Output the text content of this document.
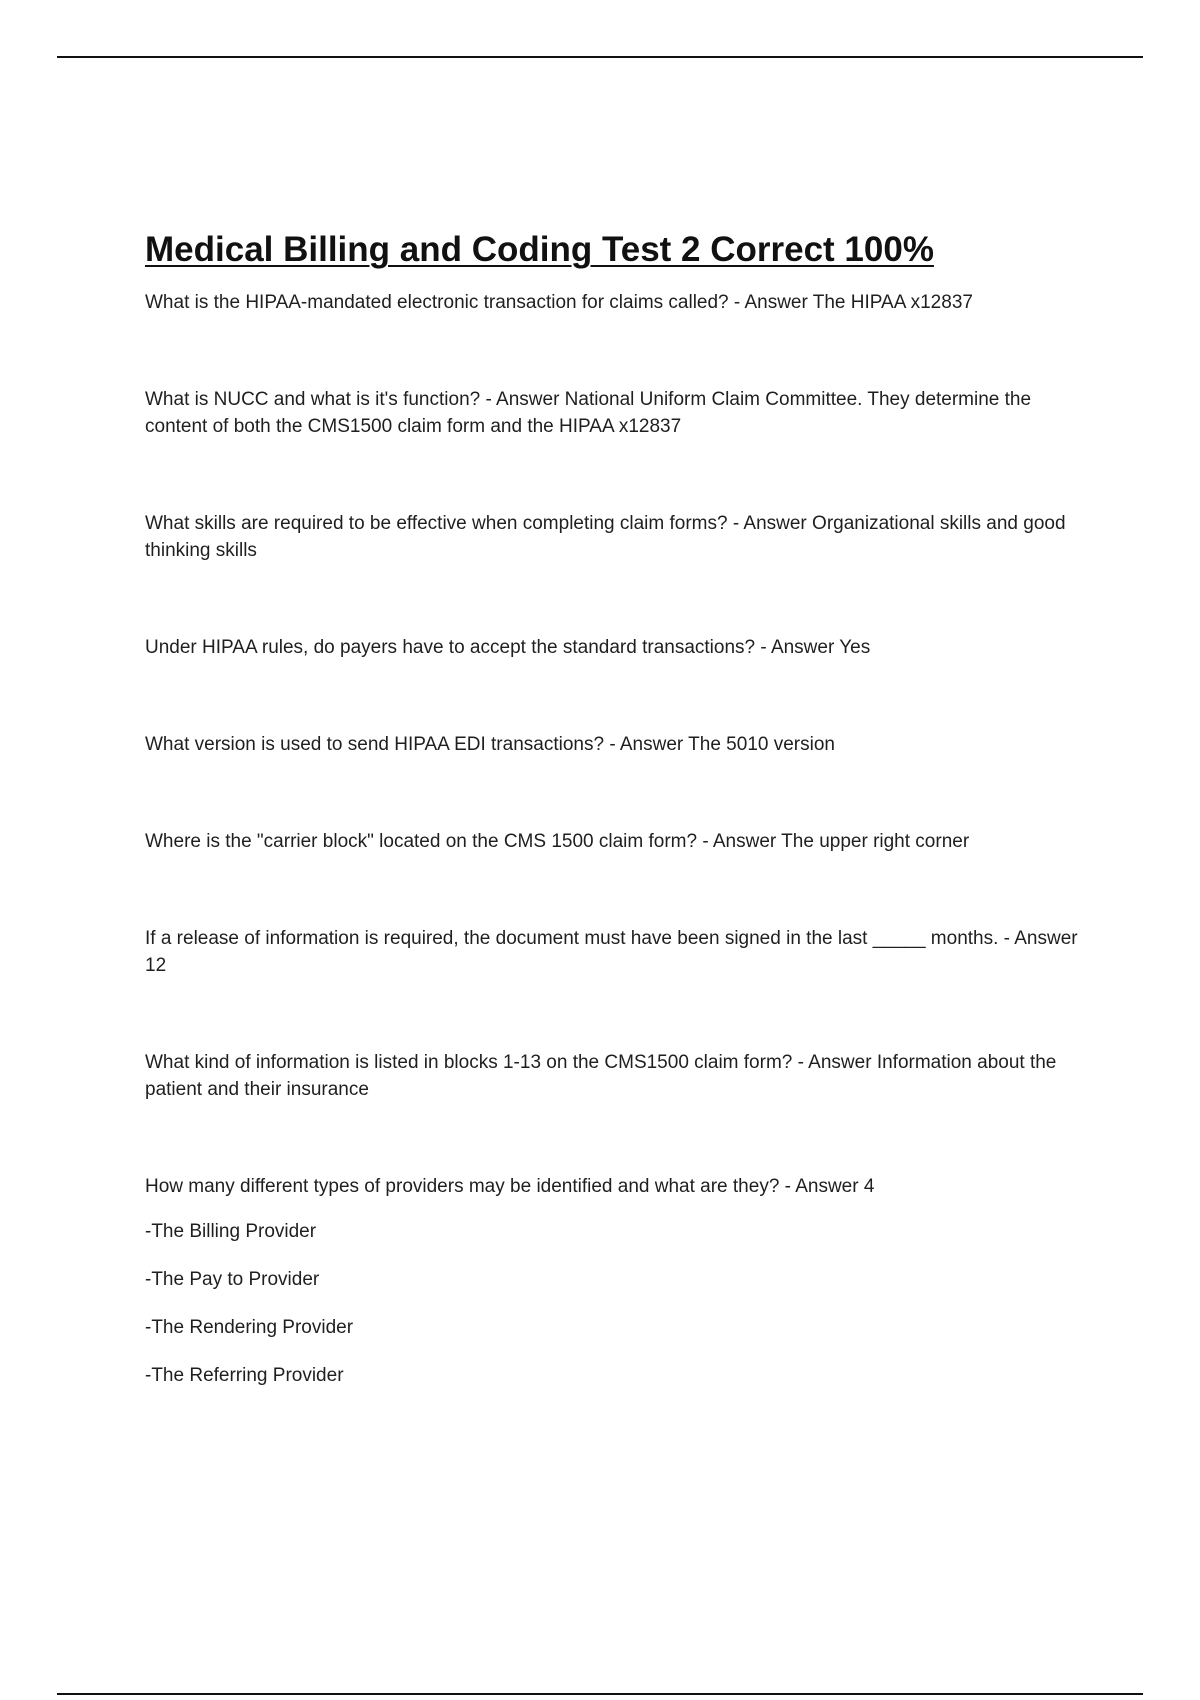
Medical Billing and Coding Test 2 Correct 100%

What is the HIPAA-mandated electronic transaction for claims called? - Answer The HIPAA x12837

What is NUCC and what is it's function? - Answer National Uniform Claim Committee. They determine the content of both the CMS1500 claim form and the HIPAA x12837

What skills are required to be effective when completing claim forms? - Answer Organizational skills and good thinking skills

Under HIPAA rules, do payers have to accept the standard transactions? - Answer Yes

What version is used to send HIPAA EDI transactions? - Answer The 5010 version

Where is the "carrier block" located on the CMS 1500 claim form? - Answer The upper right corner

If a release of information is required, the document must have been signed in the last _____ months. - Answer 12

What kind of information is listed in blocks 1-13 on the CMS1500 claim form? - Answer Information about the patient and their insurance

How many different types of providers may be identified and what are they? - Answer 4

-The Billing Provider

-The Pay to Provider

-The Rendering Provider

-The Referring Provider
